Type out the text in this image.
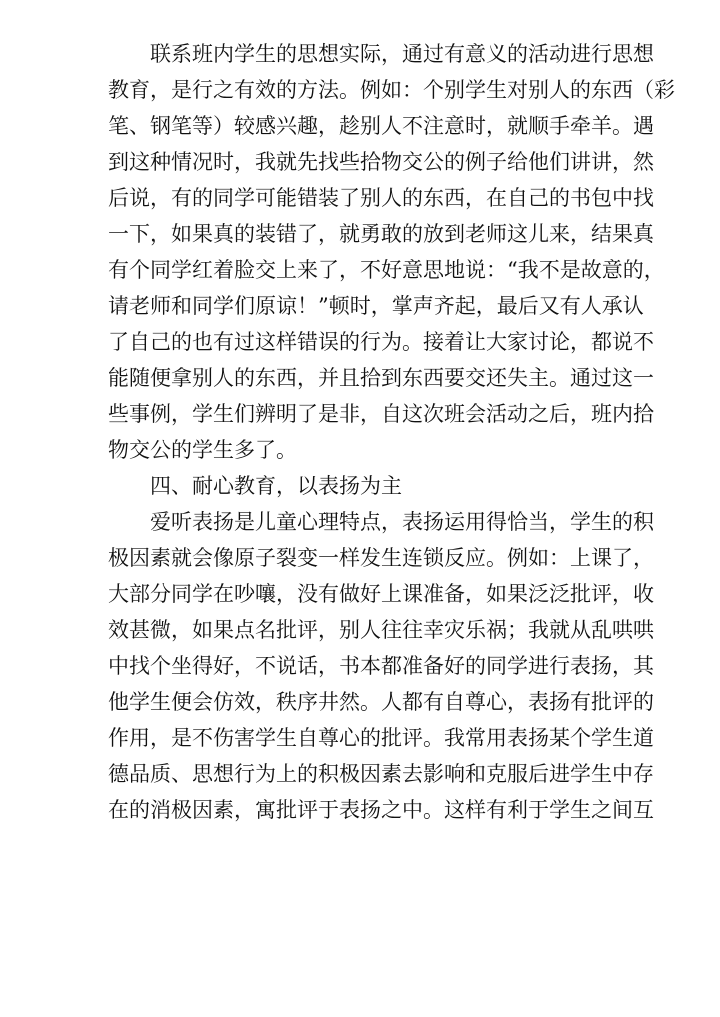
联系班内学生的思想实际，通过有意义的活动进行思想
教育，是行之有效的方法。例如：个别学生对别人的东西（彩
笔、钢笔等）较感兴趣，趁别人不注意时，就顺手牵羊。遇
到这种情况时，我就先找些拾物交公的例子给他们讲讲，然
后说，有的同学可能错装了别人的东西，在自己的书包中找
一下，如果真的装错了，就勇敢的放到老师这儿来，结果真
有个同学红着脸交上来了，不好意思地说：“我不是故意的，
请老师和同学们原谅！”顿时，掌声齐起，最后又有人承认
了自己的也有过这样错误的行为。接着让大家讨论，都说不
能随便拿别人的东西，并且拾到东西要交还失主。通过这一
些事例，学生们辨明了是非，自这次班会活动之后，班内拾
物交公的学生多了。
四、耐心教育，以表扬为主
爱听表扬是儿童心理特点，表扬运用得恰当，学生的积
极因素就会像原子裂变一样发生连锁反应。例如：上课了，
大部分同学在吵嚷，没有做好上课准备，如果泛泛批评，收
效甚微，如果点名批评，别人往往幸灾乐祸；我就从乱哄哄
中找个坐得好，不说话，书本都准备好的同学进行表扬，其
他学生便会仿效，秩序井然。人都有自尊心，表扬有批评的
作用，是不伤害学生自尊心的批评。我常用表扬某个学生道
德品质、思想行为上的积极因素去影响和克服后进学生中存
在的消极因素，寓批评于表扬之中。这样有利于学生之间互
